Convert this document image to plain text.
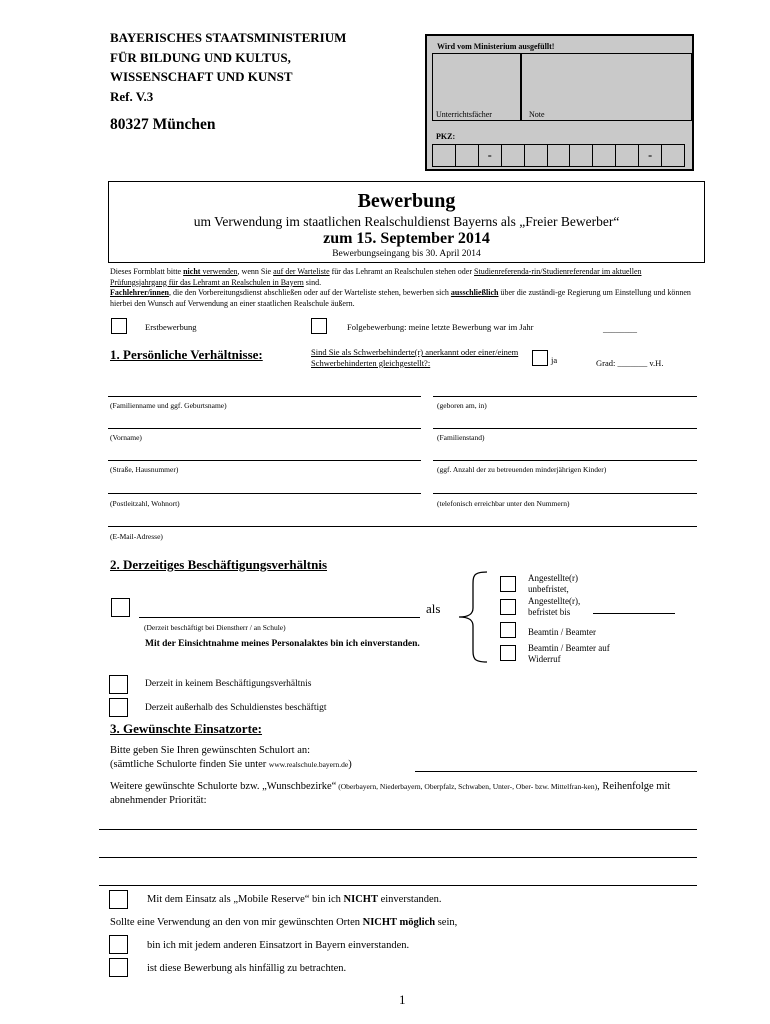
BAYERISCHES STAATSMINISTERIUM
FÜR BILDUNG UND KULTUS,
WISSENSCHAFT UND KUNST
Ref. V.3
80327 München
Wird vom Ministerium ausgefüllt!
Unterrichtsfächer	Note
PKZ:
-	-
Bewerbung
um Verwendung im staatlichen Realschuldienst Bayerns als „Freier Bewerber“
zum 15. September 2014
Bewerbungseingang bis 30. April 2014
Dieses Formblatt bitte nicht verwenden, wenn Sie auf der Warteliste für das Lehramt an Realschulen stehen oder Studienreferenda-rin/Studienreferendar im aktuellen Prüfungsjahrgang für das Lehramt an Realschulen in Bayern sind.
Fachlehrer/innen, die den Vorbereitungsdienst abschließen oder auf der Warteliste stehen, bewerben sich ausschließlich über die zuständi-ge Regierung um Einstellung und können hierbei den Wunsch auf Verwendung an einer staatlichen Realschule äußern.
Erstbewerbung	Folgebewerbung: meine letzte Bewerbung war im Jahr	________
1. Persönliche Verhältnisse:	Sind Sie als Schwerbehinderte(r) anerkannt oder einer/einem Schwerbehinderten gleichgestellt?:	ja	Grad: _______ v.H.
(Familienname und ggf. Geburtsname)	(geboren am, in)
(Vorname)	(Familienstand)
(Straße, Hausnummer)	(ggf. Anzahl der zu betreuenden minderjährigen Kinder)
(Postleitzahl, Wohnort)	(telefonisch erreichbar unter den Nummern)
(E-Mail-Adresse)
2. Derzeitiges Beschäftigungsverhältnis
als
(Derzeit beschäftigt bei Dienstherr / an Schule)
Mit der Einsichtnahme meines Personalaktes bin ich einverstanden.
Angestellte(r) unbefristet,
Angestellte(r), befristet bis
Beamtin / Beamter
Beamtin / Beamter auf Widerruf
Derzeit in keinem Beschäftigungsverhältnis
Derzeit außerhalb des Schuldienstes beschäftigt
3. Gewünschte Einsatzorte:
Bitte geben Sie Ihren gewünschten Schulort an:
(sämtliche Schulorte finden Sie unter www.realschule.bayern.de)
Weitere gewünschte Schulorte bzw. „Wunschbezirke“ (Oberbayern, Niederbayern, Oberpfalz, Schwaben, Unter-, Ober- bzw. Mittelfran-ken), Reihenfolge mit abnehmender Priorität:
Mit dem Einsatz als „Mobile Reserve“ bin ich NICHT einverstanden.
Sollte eine Verwendung an den von mir gewünschten Orten NICHT möglich sein,
bin ich mit jedem anderen Einsatzort in Bayern einverstanden.
ist diese Bewerbung als hinfällig zu betrachten.
1
